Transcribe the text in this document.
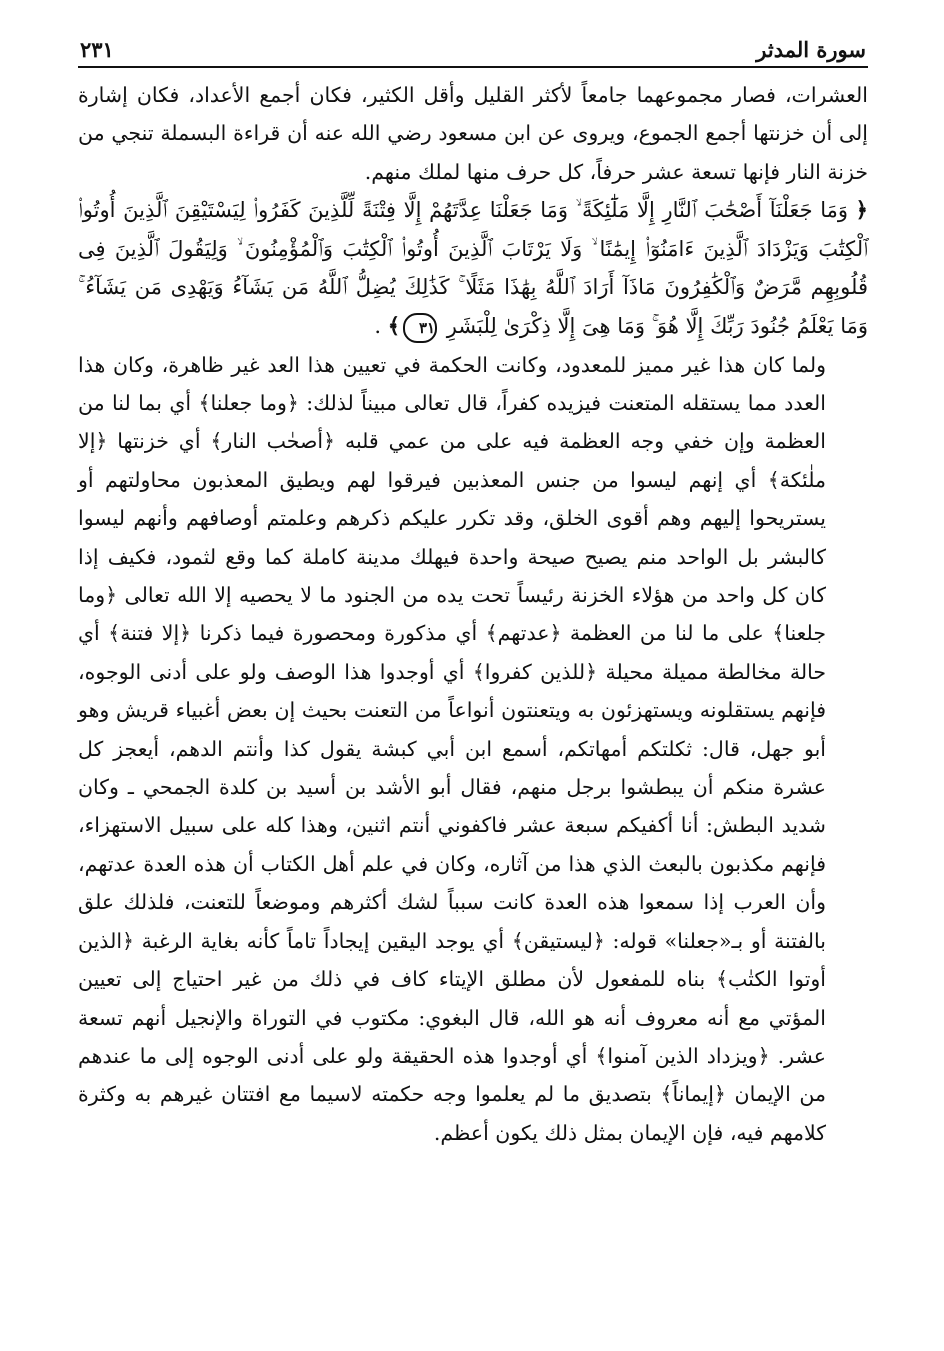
سورة المدثر
٢٣١

العشرات، فصار مجموعهما جامعاً لأكثر القليل وأقل الكثير، فكان أجمع الأعداد، فكان إشارة إلى أن خزنتها أجمع الجموع، ويروى عن ابن مسعود رضي الله عنه أن قراءة البسملة تنجي من خزنة النار فإنها تسعة عشر حرفاً، كل حرف منها لملك منهم.

﴿ وَمَا جَعَلْنَآ أَصْحَٰبَ ٱلنَّارِ إِلَّا مَلَٰٓئِكَةً ۙ وَمَا جَعَلْنَا عِدَّتَهُمْ إِلَّا فِتْنَةً لِّلَّذِينَ كَفَرُوا۟ لِيَسْتَيْقِنَ ٱلَّذِينَ أُوتُوا۟ ٱلْكِتَٰبَ وَيَزْدَادَ ٱلَّذِينَ ءَامَنُوٓا۟ إِيمَٰنًا ۙ وَلَا يَرْتَابَ ٱلَّذِينَ أُوتُوا۟ ٱلْكِتَٰبَ وَٱلْمُؤْمِنُونَ ۙ وَلِيَقُولَ ٱلَّذِينَ فِى قُلُوبِهِم مَّرَضٌ وَٱلْكَٰفِرُونَ مَاذَآ أَرَادَ ٱللَّهُ بِهَٰذَا مَثَلًا ۚ كَذَٰلِكَ يُضِلُّ ٱللَّهُ مَن يَشَآءُ وَيَهْدِى مَن يَشَآءُ ۚ وَمَا يَعْلَمُ جُنُودَ رَبِّكَ إِلَّا هُوَ ۚ وَمَا هِىَ إِلَّا ذِكْرَىٰ لِلْبَشَرِ ٣١﴾ .

ولما كان هذا غير مميز للمعدود، وكانت الحكمة في تعيين هذا العد غير ظاهرة، وكان هذا العدد مما يستقله المتعنت فيزيده كفراً، قال تعالى مبيناً لذلك: ﴿وما جعلنا﴾ أي بما لنا من العظمة وإن خفي وجه العظمة فيه على من عمي قلبه ﴿أصحٰب النار﴾ أي خزنتها ﴿إلا ملٰئكة﴾ أي إنهم ليسوا من جنس المعذبين فيرقوا لهم ويطيق المعذبون محاولتهم أو يستريحوا إليهم وهم أقوى الخلق، وقد تكرر عليكم ذكرهم وعلمتم أوصافهم وأنهم ليسوا كالبشر بل الواحد منم يصيح صيحة واحدة فيهلك مدينة كاملة كما وقع لثمود، فكيف إذا كان كل واحد من هؤلاء الخزنة رئيساً تحت يده من الجنود ما لا يحصيه إلا الله تعالى ﴿وما جلعنا﴾ على ما لنا من العظمة ﴿عدتهم﴾ أي مذكورة ومحصورة فيما ذكرنا ﴿إلا فتنة﴾ أي حالة مخالطة مميلة محيلة ﴿للذين كفروا﴾ أي أوجدوا هذا الوصف ولو على أدنى الوجوه، فإنهم يستقلونه ويستهزئون به ويتعنتون أنواعاً من التعنت بحيث إن بعض أغبياء قريش وهو أبو جهل، قال: ثكلتكم أمهاتكم، أسمع ابن أبي كبشة يقول كذا وأنتم الدهم، أيعجز كل عشرة منكم أن يبطشوا برجل منهم، فقال أبو الأشد بن أسيد بن كلدة الجمحي ـ وكان شديد البطش: أنا أكفيكم سبعة عشر فاكفوني أنتم اثنين، وهذا كله على سبيل الاستهزاء، فإنهم مكذبون بالبعث الذي هذا من آثاره، وكان في علم أهل الكتاب أن هذه العدة عدتهم، وأن العرب إذا سمعوا هذه العدة كانت سبباً لشك أكثرهم وموضعاً للتعنت، فلذلك علق بالفتنة أو بـ«جعلنا» قوله: ﴿ليستيقن﴾ أي يوجد اليقين إيجاداً تاماً كأنه بغاية الرغبة ﴿الذين أوتوا الكتٰب﴾ بناه للمفعول لأن مطلق الإيتاء كاف في ذلك من غير احتياج إلى تعيين المؤتي مع أنه معروف أنه هو الله، قال البغوي: مكتوب في التوراة والإنجيل أنهم تسعة عشر. ﴿ويزداد الذين آمنوا﴾ أي أوجدوا هذه الحقيقة ولو على أدنى الوجوه إلى ما عندهم من الإيمان ﴿إيماناً﴾ بتصديق ما لم يعلموا وجه حكمته لاسيما مع افتتان غيرهم به وكثرة كلامهم فيه، فإن الإيمان بمثل ذلك يكون أعظم.
